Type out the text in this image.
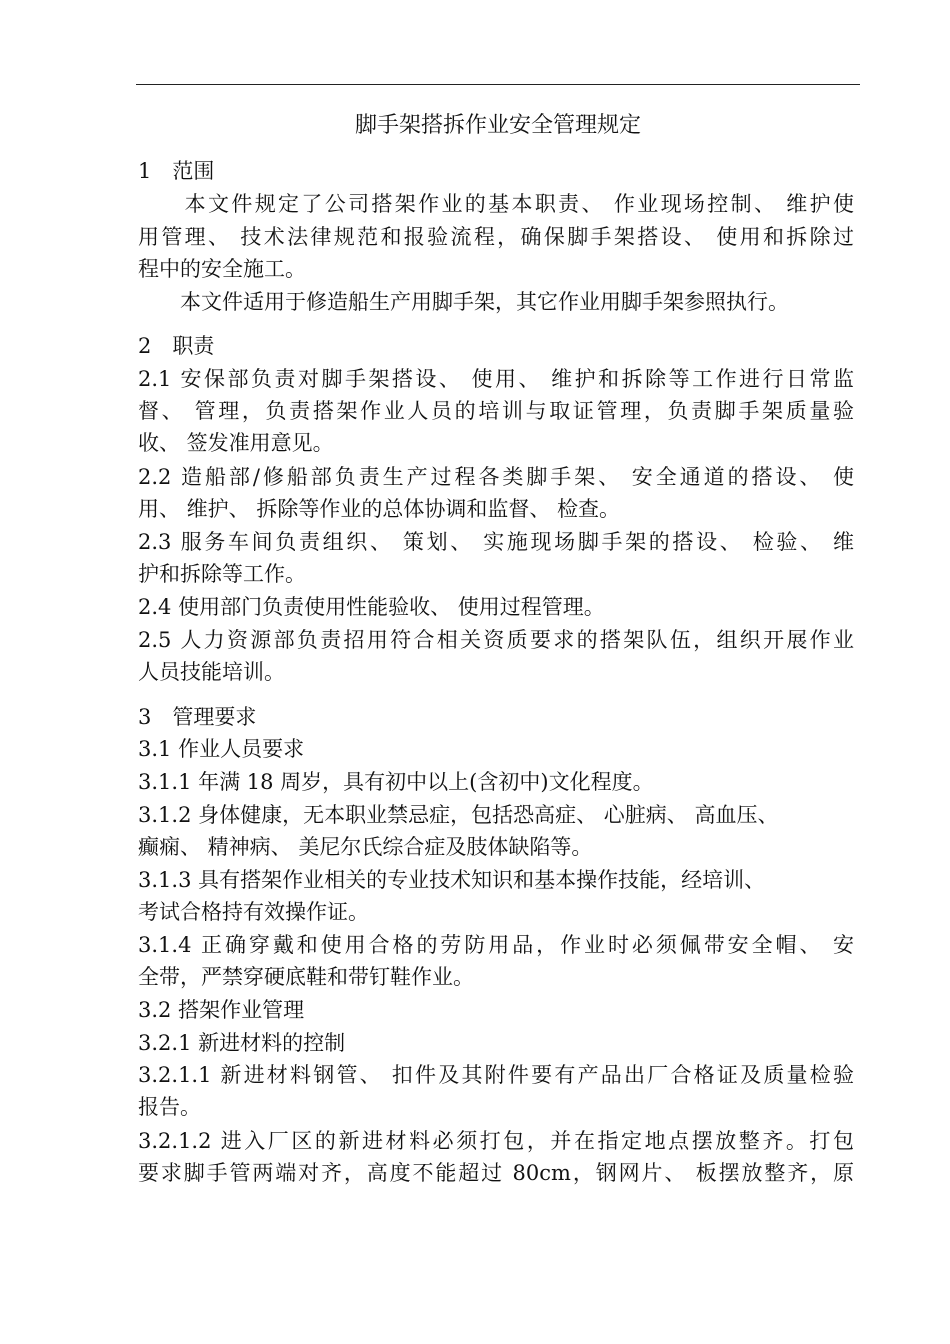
脚手架搭拆作业安全管理规定
1　范围
　　本文件规定了公司搭架作业的基本职责、 作业现场控制、 维护使
用管理、 技术法律规范和报验流程，确保脚手架搭设、 使用和拆除过
程中的安全施工。
　　本文件适用于修造船生产用脚手架，其它作业用脚手架参照执行。
2　职责
2.1 安保部负责对脚手架搭设、 使用、 维护和拆除等工作进行日常监
督、 管理，负责搭架作业人员的培训与取证管理，负责脚手架质量验
收、 签发准用意见。
2.2 造船部/修船部负责生产过程各类脚手架、 安全通道的搭设、 使
用、 维护、 拆除等作业的总体协调和监督、 检查。
2.3 服务车间负责组织、 策划、 实施现场脚手架的搭设、 检验、 维
护和拆除等工作。
2.4 使用部门负责使用性能验收、 使用过程管理。
2.5 人力资源部负责招用符合相关资质要求的搭架队伍，组织开展作业
人员技能培训。
3　管理要求
3.1 作业人员要求
3.1.1 年满 18 周岁，具有初中以上(含初中)文化程度。
3.1.2 身体健康，无本职业禁忌症，包括恐高症、 心脏病、 高血压、
癫痫、 精神病、 美尼尔氏综合症及肢体缺陷等。
3.1.3 具有搭架作业相关的专业技术知识和基本操作技能，经培训、
考试合格持有效操作证。
3.1.4 正确穿戴和使用合格的劳防用品，作业时必须佩带安全帽、 安
全带，严禁穿硬底鞋和带钉鞋作业。
3.2 搭架作业管理
3.2.1 新进材料的控制
3.2.1.1 新进材料钢管、 扣件及其附件要有产品出厂合格证及质量检验
报告。
3.2.1.2 进入厂区的新进材料必须打包，并在指定地点摆放整齐。打包
要求脚手管两端对齐，高度不能超过 80cm，钢网片、 板摆放整齐，原
